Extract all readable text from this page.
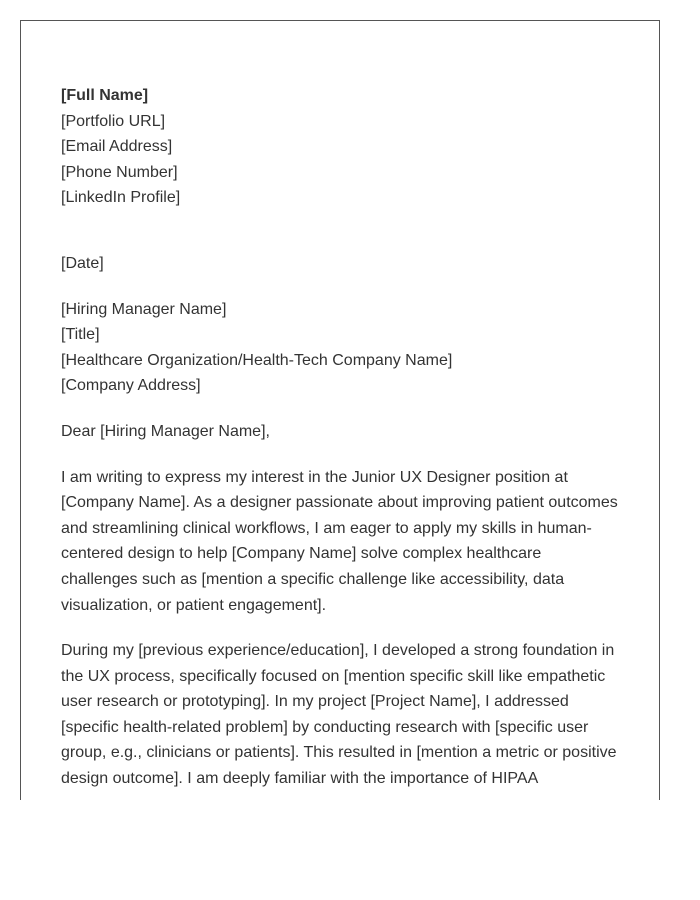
[Full Name]
[Portfolio URL]
[Email Address]
[Phone Number]
[LinkedIn Profile]
[Date]
[Hiring Manager Name]
[Title]
[Healthcare Organization/Health-Tech Company Name]
[Company Address]
Dear [Hiring Manager Name],
I am writing to express my interest in the Junior UX Designer position at
[Company Name]. As a designer passionate about improving patient outcomes
and streamlining clinical workflows, I am eager to apply my skills in human-
centered design to help [Company Name] solve complex healthcare
challenges such as [mention a specific challenge like accessibility, data
visualization, or patient engagement].
During my [previous experience/education], I developed a strong foundation in
the UX process, specifically focused on [mention specific skill like empathetic
user research or prototyping]. In my project [Project Name], I addressed
[specific health-related problem] by conducting research with [specific user
group, e.g., clinicians or patients]. This resulted in [mention a metric or positive
design outcome]. I am deeply familiar with the importance of HIPAA
